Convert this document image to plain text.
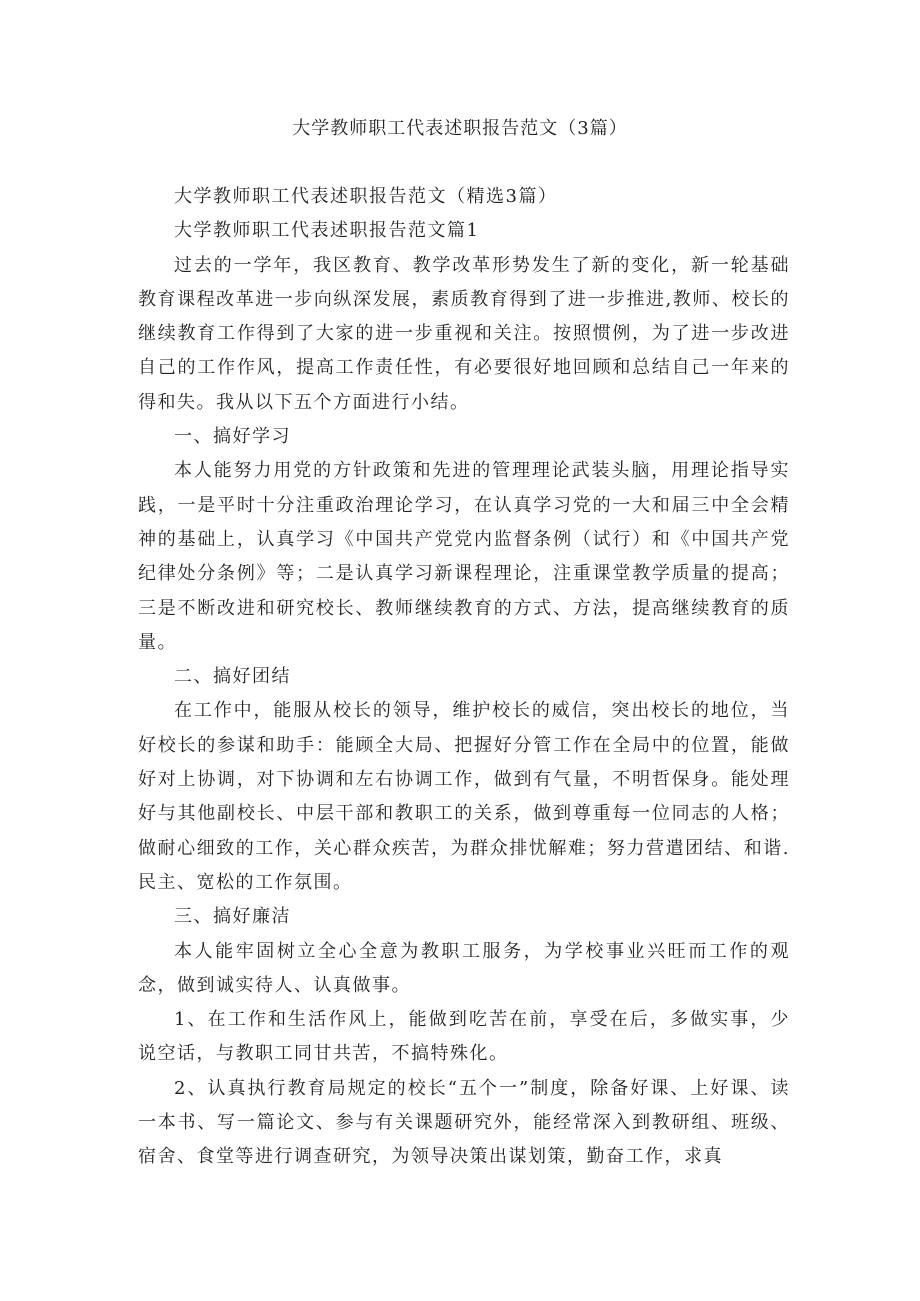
大学教师职工代表述职报告范文（3篇）

大学教师职工代表述职报告范文（精选3篇）

大学教师职工代表述职报告范文篇1

过去的一学年，我区教育、教学改革形势发生了新的变化，新一轮基础教育课程改革进一步向纵深发展，素质教育得到了进一步推进,教师、校长的继续教育工作得到了大家的进一步重视和关注。按照惯例，为了进一步改进自己的工作作风，提高工作责任性，有必要很好地回顾和总结自己一年来的得和失。我从以下五个方面进行小结。

一、搞好学习

本人能努力用党的方针政策和先进的管理理论武装头脑，用理论指导实践，一是平时十分注重政治理论学习，在认真学习党的一大和届三中全会精神的基础上，认真学习《中国共产党党内监督条例（试行）和《中国共产党纪律处分条例》等；二是认真学习新课程理论，注重课堂教学质量的提高；三是不断改进和研究校长、教师继续教育的方式、方法，提高继续教育的质量。

二、搞好团结

在工作中，能服从校长的领导，维护校长的威信，突出校长的地位，当好校长的参谋和助手：能顾全大局、把握好分管工作在全局中的位置，能做好对上协调，对下协调和左右协调工作，做到有气量，不明哲保身。能处理好与其他副校长、中层干部和教职工的关系，做到尊重每一位同志的人格；做耐心细致的工作，关心群众疾苦，为群众排忧解难；努力营遣团结、和谐.民主、宽松的工作氛围。

三、搞好廉洁

本人能牢固树立全心全意为教职工服务，为学校事业兴旺而工作的观念，做到诚实待人、认真做事。

1、在工作和生活作风上，能做到吃苦在前，享受在后，多做实事，少说空话，与教职工同甘共苦，不搞特殊化。

2、认真执行教育局规定的校长“五个一”制度，除备好课、上好课、读一本书、写一篇论文、参与有关课题研究外，能经常深入到教研组、班级、宿舍、食堂等进行调查研究，为领导决策出谋划策，勤奋工作，求真
